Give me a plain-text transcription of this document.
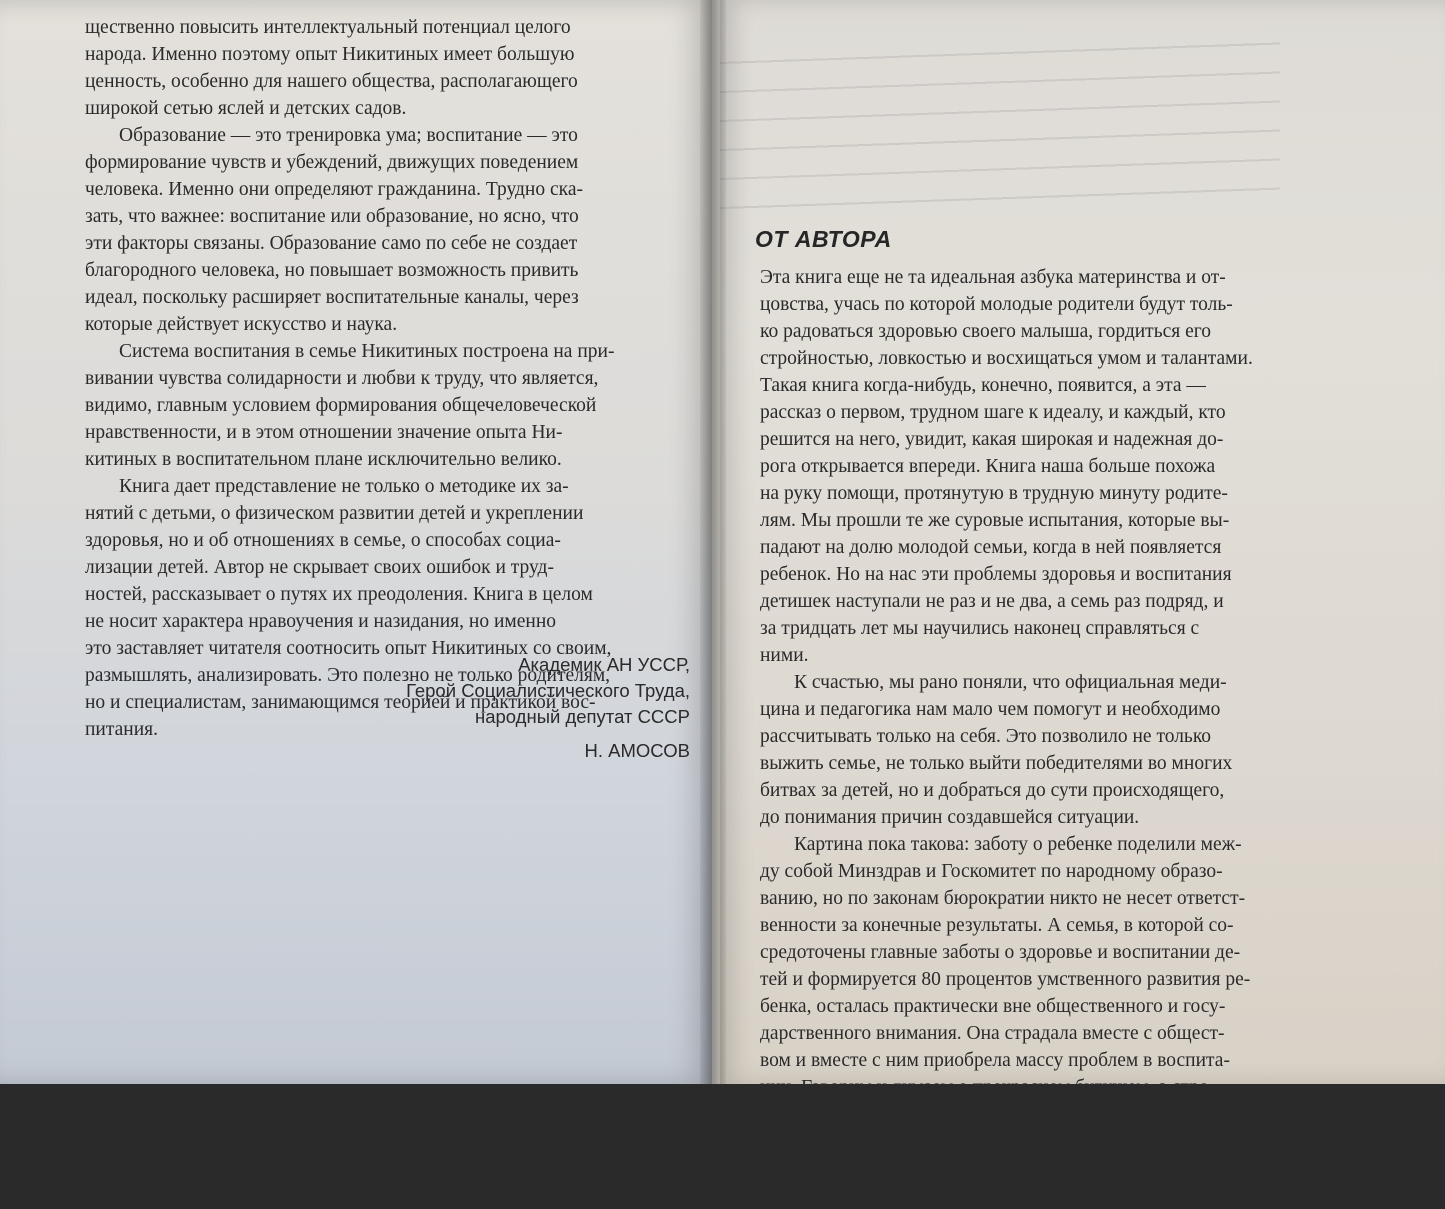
щественно повысить интеллектуальный потенциал целого
народа. Именно поэтому опыт Никитиных имеет большую
ценность, особенно для нашего общества, располагающего
широкой сетью яслей и детских садов.

Образование — это тренировка ума; воспитание — это
формирование чувств и убеждений, движущих поведением
человека. Именно они определяют гражданина. Трудно ска-
зать, что важнее: воспитание или образование, но ясно, что
эти факторы связаны. Образование само по себе не создает
благородного человека, но повышает возможность привить
идеал, поскольку расширяет воспитательные каналы, через
которые действует искусство и наука.

Система воспитания в семье Никитиных построена на при-
вивании чувства солидарности и любви к труду, что является,
видимо, главным условием формирования общечеловеческой
нравственности, и в этом отношении значение опыта Ни-
китиных в воспитательном плане исключительно велико.

Книга дает представление не только о методике их за-
нятий с детьми, о физическом развитии детей и укреплении
здоровья, но и об отношениях в семье, о способах социа-
лизации детей. Автор не скрывает своих ошибок и труд-
ностей, рассказывает о путях их преодоления. Книга в целом
не носит характера нравоучения и назидания, но именно
это заставляет читателя соотносить опыт Никитиных со своим,
размышлять, анализировать. Это полезно не только родителям,
но и специалистам, занимающимся теорией и практикой вос-
питания.

Академик АН УССР,
Герой Социалистического Труда,
народный депутат СССР
Н. АМОСОВ
ОТ АВТОРА

Эта книга еще не та идеальная азбука материнства и от-
цовства, учась по которой молодые родители будут толь-
ко радоваться здоровью своего малыша, гордиться его
стройностью, ловкостью и восхищаться умом и талантами.
Такая книга когда-нибудь, конечно, появится, а эта —
рассказ о первом, трудном шаге к идеалу, и каждый, кто
решится на него, увидит, какая широкая и надежная до-
рога открывается впереди. Книга наша больше похожа
на руку помощи, протянутую в трудную минуту родите-
лям. Мы прошли те же суровые испытания, которые вы-
падают на долю молодой семьи, когда в ней появляется
ребенок. Но на нас эти проблемы здоровья и воспитания
детишек наступали не раз и не два, а семь раз подряд, и
за тридцать лет мы научились наконец справляться с
ними.

К счастью, мы рано поняли, что официальная меди-
цина и педагогика нам мало чем помогут и необходимо
рассчитывать только на себя. Это позволило не только
выжить семье, не только выйти победителями во многих
битвах за детей, но и добраться до сути происходящего,
до понимания причин создавшейся ситуации.

Картина пока такова: заботу о ребенке поделили меж-
ду собой Минздрав и Госкомитет по народному образо-
ванию, но по законам бюрократии никто не несет ответст-
венности за конечные результаты. А семья, в которой со-
средоточены главные заботы о здоровье и воспитании де-
тей и формируется 80 процентов умственного развития ре-
бенка, осталась практически вне общественного и госу-
дарственного внимания. Она страдала вместе с общест-
вом и вместе с ним приобрела массу проблем в воспита-
нии. Говорим и думаем о прекрасном будущем, а стро-
ители этого будущего — дети — становятся с каждым
днем все слабее, все уязвимее и в морально-этическом,
и в трудовом, и в социальном отношениях.

Происходит почти непрерывное ослабление здо-
